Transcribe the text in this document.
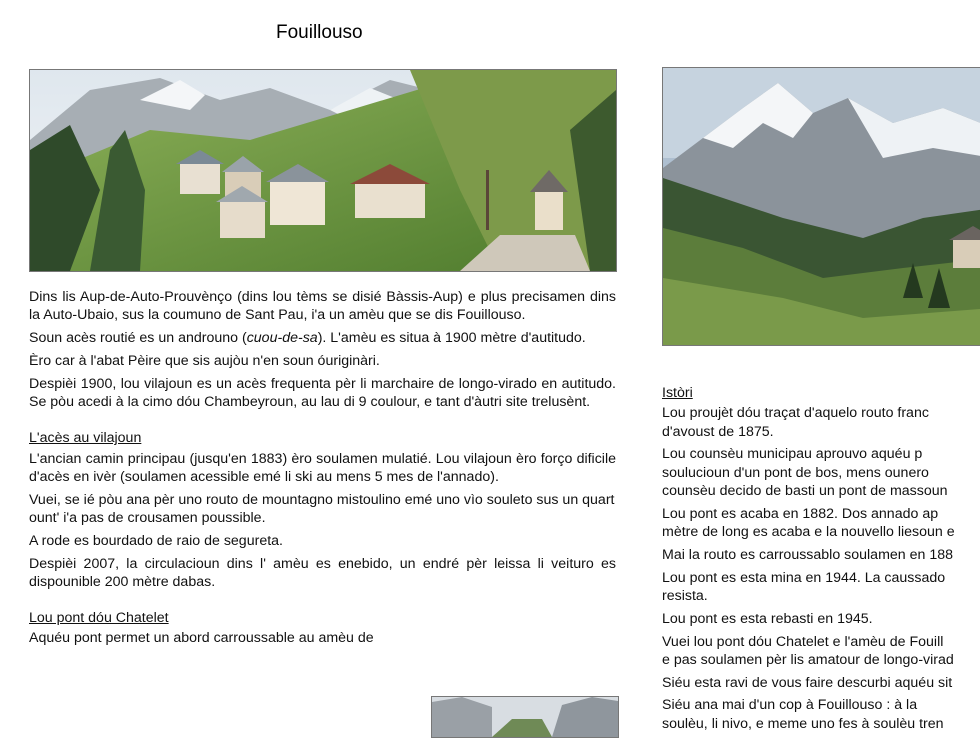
Fouillouso

Dins lis Aup-de-Auto-Prouvènço (dins lou tèms se disié Bàssis-Aup) e plus precisamen dins la Auto-Ubaio, sus la coumuno de Sant Pau, i'a un amèu que se dis Fouillouso.

Soun acès routié es un androuno (cuou-de-sa). L'amèu es situa à 1900 mètre d'autitudo.

Èro car à l'abat Pèire que sis aujòu n'en soun óuriginàri.

Despièi 1900, lou vilajoun es un acès frequenta pèr li marchaire de longo-virado en autitudo. Se pòu acedi à la cimo dóu Chambeyroun, au lau di 9 coulour, e tant d'àutri site trelusènt.

L'acès au vilajoun

L'ancian camin principau (jusqu'en 1883) èro soulamen mulatié. Lou vilajoun èro forço dificile d'acès en ivèr (soulamen acessible emé li ski au mens 5 mes de l'annado).

Vuei, se ié pòu ana pèr uno routo de mountagno mistoulino emé uno vìo souleto sus un quart ount' i'a pas de crousamen poussible.

A rode es bourdado de raio de segureta.

Despièi 2007, la circulacioun dins l' amèu es enebido, un endré pèr leissa li veituro es dispounible 200 mètre dabas.

Lou pont dóu Chatelet

Aquéu pont permet un abord carroussable au amèu de

Istòri

Lou proujèt dóu traçat d'aquelo routo franc
d'avoust de 1875.

Lou counsèu municipau aprouvo aquéu p
soulucioun d'un pont de bos, mens ounero
counsèu decido de basti un pont de massoun

Lou pont es acaba en 1882. Dos annado ap
mètre de long es acaba e la nouvello liesoun e

Mai la routo es carroussablo soulamen en 188

Lou pont es esta mina en 1944. La caussado
resista.

Lou pont es esta rebasti en 1945.

Vuei lou pont dóu Chatelet e l'amèu de Fouill
e pas soulamen pèr lis amatour de longo-virad

Siéu esta ravi de vous faire descurbi aquéu sit

Siéu ana mai d'un cop à Fouillouso : à la
soulèu, li nivo, e meme uno fes à soulèu tren
